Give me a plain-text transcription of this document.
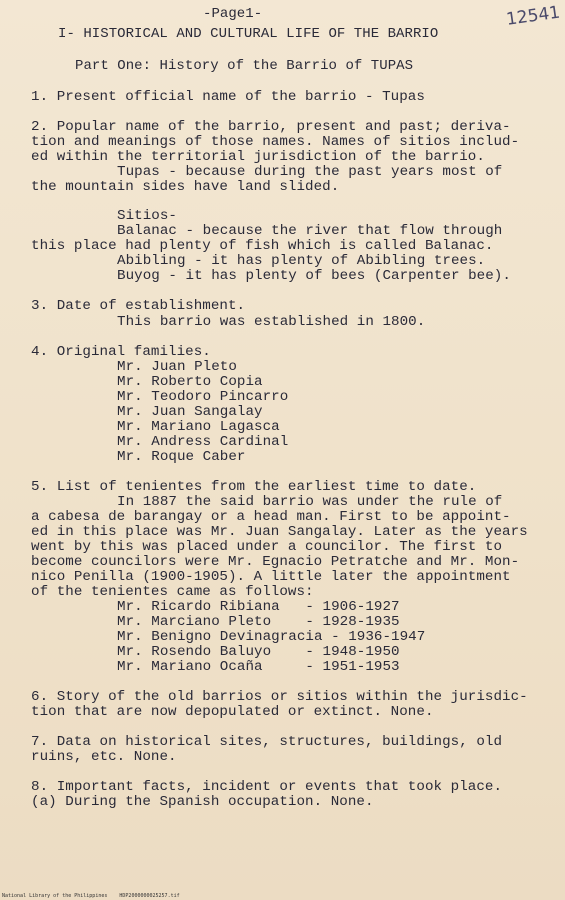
-Page1-	12541
I- HISTORICAL AND CULTURAL LIFE OF THE BARRIO
Part One: History of the Barrio of TUPAS
1. Present official name of the barrio - Tupas
2. Popular name of the barrio, present and past; deriva-
tion and meanings of those names. Names of sitios includ-
ed within the territorial jurisdiction of the barrio.
Tupas - because during the past years most of
the mountain sides have land slided.
Sitios-
Balanac - because the river that flow through
this place had plenty of fish which is called Balanac.
Abibling - it has plenty of Abibling trees.
Buyog - it has plenty of bees (Carpenter bee).
3. Date of establishment.
This barrio was established in 1800.
4. Original families.
Mr. Juan Pleto
Mr. Roberto Copia
Mr. Teodoro Pincarro
Mr. Juan Sangalay
Mr. Mariano Lagasca
Mr. Andress Cardinal
Mr. Roque Caber
5. List of tenientes from the earliest time to date.
In 1887 the said barrio was under the rule of
a cabesa de barangay or a head man. First to be appoint-
ed in this place was Mr. Juan Sangalay. Later as the years
went by this was placed under a councilor. The first to
become councilors were Mr. Egnacio Petratche and Mr. Mon-
nico Penilla (1900-1905). A little later the appointment
of the tenientes came as follows:
Mr. Ricardo Ribiana   - 1906-1927
Mr. Marciano Pleto    - 1928-1935
Mr. Benigno Devinagracia - 1936-1947
Mr. Rosendo Baluyo    - 1948-1950
Mr. Mariano Ocaña     - 1951-1953
6. Story of the old barrios or sitios within the jurisdic-
tion that are now depopulated or extinct. None.
7. Data on historical sites, structures, buildings, old
ruins, etc. None.
8. Important facts, incident or events that took place.
(a) During the Spanish occupation. None.
National Library of the Philippines    HDP2000000025257.tif
